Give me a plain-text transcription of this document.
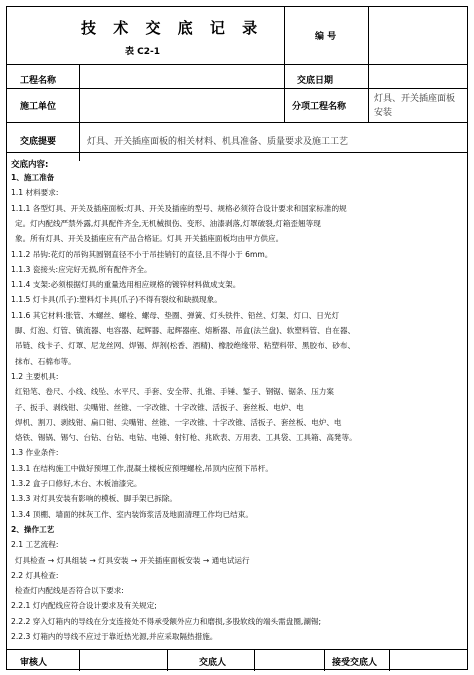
技 术 交 底 记 录
表 C2-1
编 号
工程名称	交底日期
施工单位	分项工程名称
灯具、开关插座面板
安装
交底提要	灯具、开关插座面板的相关材料、机具准备、质量要求及施工工艺
交底内容:
1、施工准备
1.1 材料要求:
1.1.1 各型灯具、开关及插座面板:灯具、开关及插座的型号、规格必须符合设计要求和国家标准的规
定。灯内配线严禁外露,灯具配件齐全,无机械损伤、变形、油漆剥落,灯罩破裂,灯箱歪翘等现
象。所有灯具、开关及插座应有产品合格证。灯具 开关插座面板均由甲方供应。
1.1.2 吊钩:花灯的吊钩其圆钢直径不小于吊挂销钉的直径,且不得小于 6mm。
1.1.3 瓷接头:应完好无损,所有配件齐全。
1.1.4 支架:必须根据灯具的重量选用相应规格的镀锌材料做成支架。
1.1.5 灯卡具(爪子):塑料灯卡具(爪子)不得有裂纹和缺损现象。
1.1.6 其它材料:胀管、木螺丝、螺栓、螺母、垫圈、弹簧、灯头铁件、铅丝、灯架、灯口、日光灯
脚、灯泡、灯管、镇流器、电容器、起辉器、起辉器座、熔断器、吊盒(法兰盘)、软塑料管、自在器、
吊链、线卡子、灯罩、尼龙丝网、焊锡、焊剂(松香、酒精)、橡胶绝缘带、粘塑料带、黑胶布、砂布、
抹布、石棉布等。
1.2 主要机具:
红铅笔、卷尺、小线、线坠、水平尺、手套、安全带、扎锥、手锤、錾子、钢锯、锯条、压力案
子、扳手、剥线钳、尖嘴钳、丝锥、一字改锥、十字改锥、活扳子、套丝板、电炉、电
焊机、割刀、剥线钳、扁口钳、尖嘴钳、丝锥、一字改锥、十字改锥、活扳子、套丝板、电炉、电
烙铁、锡锅、锡勺、台钻、台钻、电钻、电锤、射钉枪、兆欧表、万用表、工具袋、工具箱、高凳等。
1.3 作业条件:
1.3.1 在结构施工中做好预埋工作,混凝土楼板应预埋螺栓,吊顶内应预下吊杆。
1.3.2 盒子口修好,木台、木板油漆完。
1.3.3 对灯具安装有影响的模板、脚手架已拆除。
1.3.4 顶棚、墙面的抹灰工作、室内装饰浆活及地面清理工作均已结束。
2、操作工艺
2.1 工艺流程:
灯具检查 → 灯具组装 → 灯具安装 → 开关插座面板安装 → 通电试运行
2.2 灯具检查:
检查灯内配线是否符合以下要求:
2.2.1 灯内配线应符合设计要求及有关规定;
2.2.2 穿入灯箱内的导线在分支连接处不得承受额外应力和磨损,多股软线的端头需盘圈,涮锡;
2.2.3 灯箱内的导线不应过于靠近热光源,并应采取隔热措施。
审核人	交底人	接受交底人
